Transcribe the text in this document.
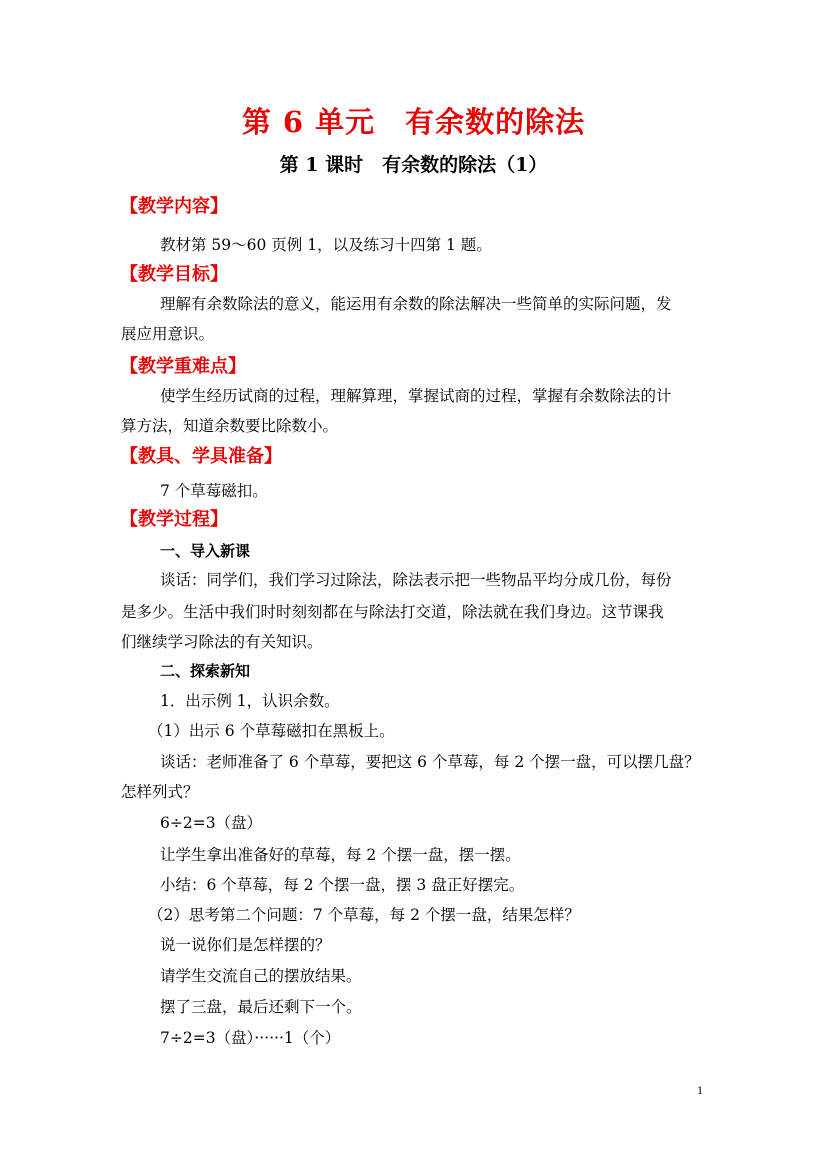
第 6 单元　有余数的除法
第 1 课时　有余数的除法（1）
【教学内容】
教材第 59～60 页例 1，以及练习十四第 1 题。
【教学目标】
理解有余数除法的意义，能运用有余数的除法解决一些简单的实际问题，发
展应用意识。
【教学重难点】
使学生经历试商的过程，理解算理，掌握试商的过程，掌握有余数除法的计
算方法，知道余数要比除数小。
【教具、学具准备】
7 个草莓磁扣。
【教学过程】
一、导入新课
谈话：同学们，我们学习过除法，除法表示把一些物品平均分成几份，每份
是多少。生活中我们时时刻刻都在与除法打交道，除法就在我们身边。这节课我
们继续学习除法的有关知识。
二、探索新知
1．出示例 1，认识余数。
（1）出示 6 个草莓磁扣在黑板上。
谈话：老师准备了 6 个草莓，要把这 6 个草莓，每 2 个摆一盘，可以摆几盘？
怎样列式？
6÷2=3（盘）
让学生拿出准备好的草莓，每 2 个摆一盘，摆一摆。
小结：6 个草莓，每 2 个摆一盘，摆 3 盘正好摆完。
（2）思考第二个问题：7 个草莓，每 2 个摆一盘，结果怎样？
说一说你们是怎样摆的？
请学生交流自己的摆放结果。
摆了三盘，最后还剩下一个。
7÷2=3（盘）······1（个）
1
